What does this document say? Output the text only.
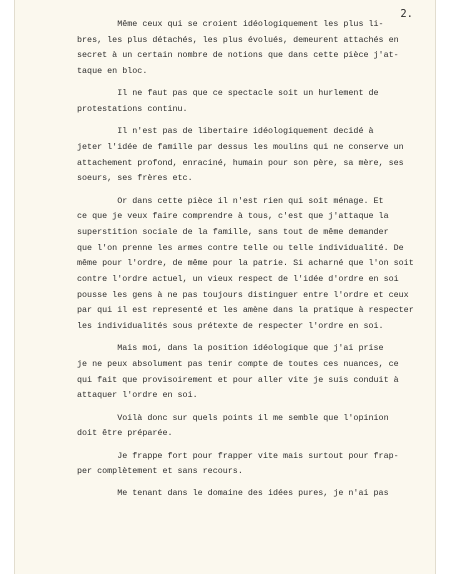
2.
Même ceux qui se croient idéologiquement les plus li-
bres, les plus détachés, les plus évolués, demeurent attachés en
secret à un certain nombre de notions que dans cette pièce j'at-
taque en bloc.
Il ne faut pas que ce spectacle soit un hurlement de
protestations continu.
Il n'est pas de libertaire idéologiquement decidé à
jeter l'idée de famille par dessus les moulins qui ne conserve un
attachement profond, enraciné, humain pour son père, sa mère, ses
soeurs, ses frères etc.
Or dans cette pièce il n'est rien qui soit ménage. Et
ce que je veux faire comprendre à tous, c'est que j'attaque la
superstition sociale de la famille, sans tout de même demander
que l'on prenne les armes contre telle ou telle individualité. De
même pour l'ordre, de même pour la patrie. Si acharné que l'on soit
contre l'ordre actuel, un vieux respect de l'idée d'ordre en soi
pousse les gens à ne pas toujours distinguer entre l'ordre et ceux
par qui il est representé et les amène dans la pratique à respecter
les individualités sous prétexte de respecter l'ordre en soi.
Mais moi, dans la position idéologique que j'ai prise
je ne peux absolument pas tenir compte de toutes ces nuances, ce
qui fait que provisoirement et pour aller vite je suis conduit à
attaquer l'ordre en soi.
Voilà donc sur quels points il me semble que l'opinion
doit être préparée.
Je frappe fort pour frapper vite mais surtout pour frap-
per complètement et sans recours.
Me tenant dans le domaine des idées pures, je n'ai pas
